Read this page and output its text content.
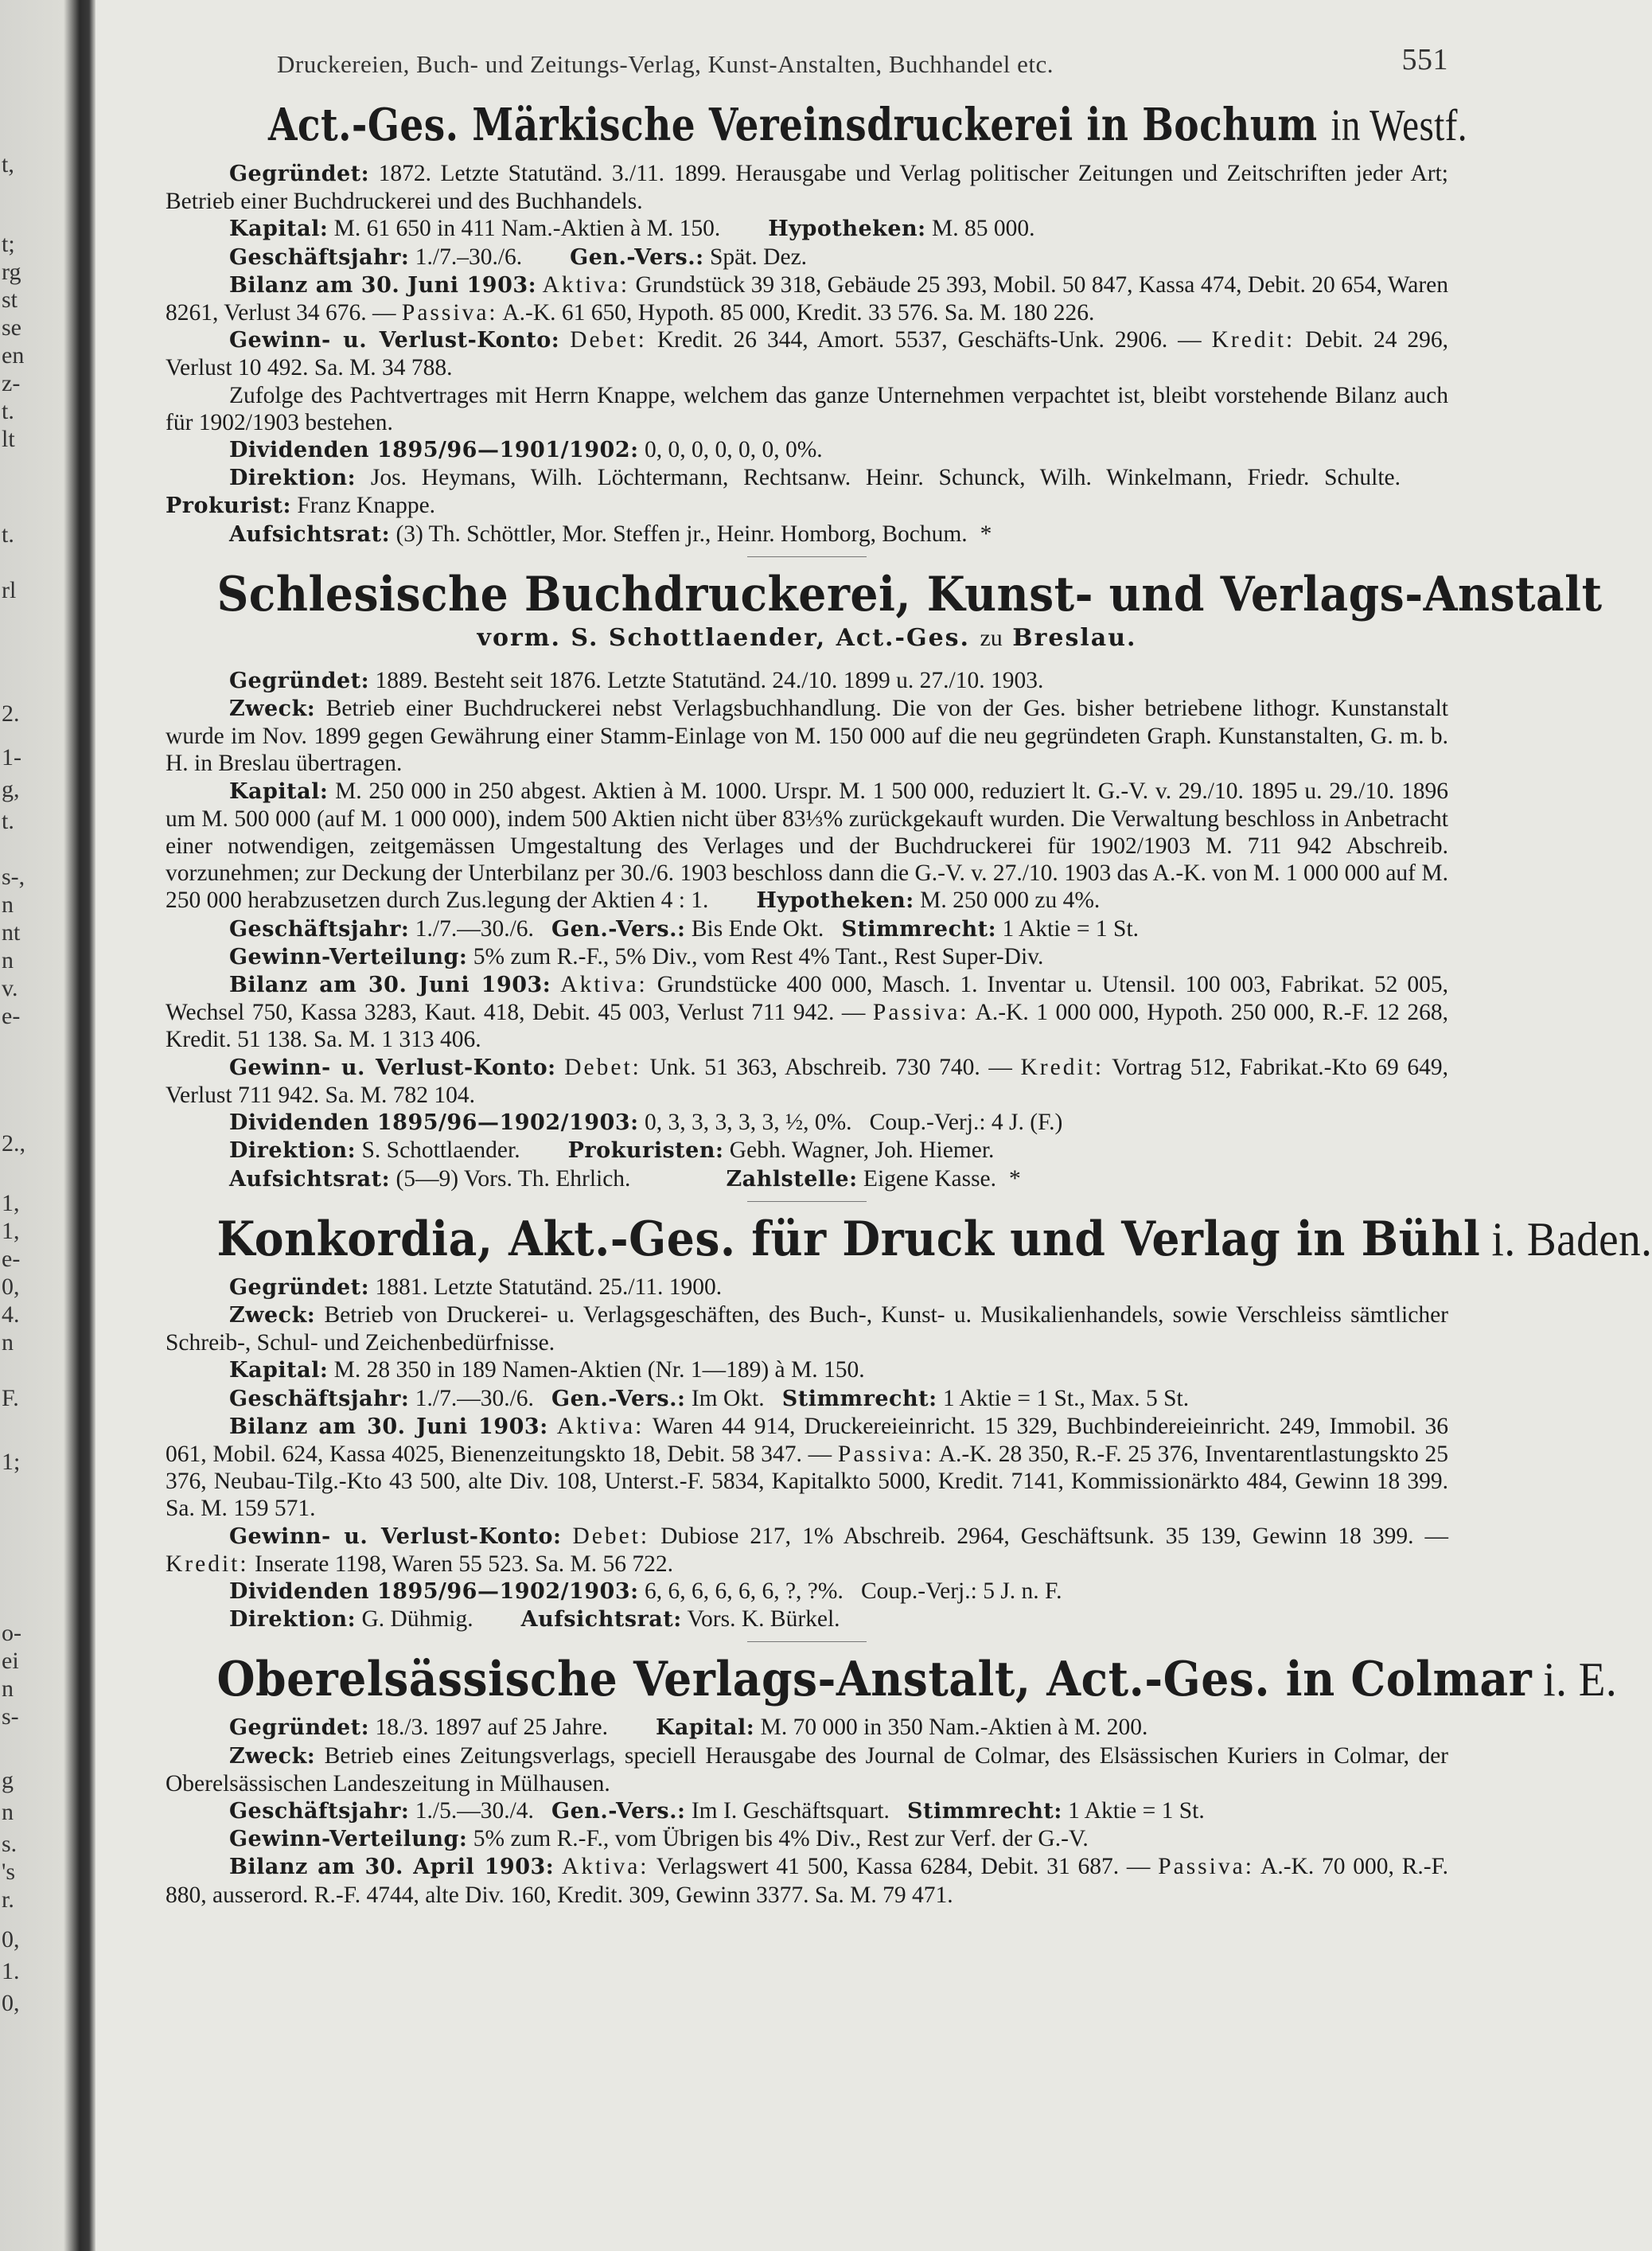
t,
t;
rg
st
se
en
z-
t.
lt
t.
rl
2.
1-
g,
t.
s-,
n
nt
n
v.
e-
2.,
1,
1,
e-
0,
4.
n
F.
1;
o-
ei
n
s-
g
n
s.
's
r.
0,
1.
0,
Druckereien, Buch- und Zeitungs-Verlag, Kunst-Anstalten, Buchhandel etc.	551
Act.-Ges. Märkische Vereinsdruckerei in Bochum in Westf.

Gegründet: 1872. Letzte Statutänd. 3./11. 1899. Herausgabe und Verlag politischer Zeitungen und Zeitschriften jeder Art; Betrieb einer Buchdruckerei und des Buchhandels.

Kapital: M. 61 650 in 411 Nam.-Aktien à M. 150. Hypotheken: M. 85 000.

Geschäftsjahr: 1./7.–30./6. Gen.-Vers.: Spät. Dez.

Bilanz am 30. Juni 1903: Aktiva: Grundstück 39 318, Gebäude 25 393, Mobil. 50 847, Kassa 474, Debit. 20 654, Waren 8261, Verlust 34 676. — Passiva: A.-K. 61 650, Hypoth. 85 000, Kredit. 33 576. Sa. M. 180 226.

Gewinn- u. Verlust-Konto: Debet: Kredit. 26 344, Amort. 5537, Geschäfts-Unk. 2906. — Kredit: Debit. 24 296, Verlust 10 492. Sa. M. 34 788.

Zufolge des Pachtvertrages mit Herrn Knappe, welchem das ganze Unternehmen verpachtet ist, bleibt vorstehende Bilanz auch für 1902/1903 bestehen.

Dividenden 1895/96—1901/1902: 0, 0, 0, 0, 0, 0, 0%.

Direktion: Jos. Heymans, Wilh. Löchtermann, Rechtsanw. Heinr. Schunck, Wilh. Winkelmann, Friedr. Schulte.Prokurist: Franz Knappe.

Aufsichtsrat: (3) Th. Schöttler, Mor. Steffen jr., Heinr. Homborg, Bochum. *

Schlesische Buchdruckerei, Kunst- und Verlags-Anstalt
vorm. S. Schottlaender, Act.-Ges. zu Breslau.

Gegründet: 1889. Besteht seit 1876. Letzte Statutänd. 24./10. 1899 u. 27./10. 1903.

Zweck: Betrieb einer Buchdruckerei nebst Verlagsbuchhandlung. Die von der Ges. bisher betriebene lithogr. Kunstanstalt wurde im Nov. 1899 gegen Gewährung einer Stamm-Einlage von M. 150 000 auf die neu gegründeten Graph. Kunstanstalten, G. m. b. H. in Breslau übertragen.

Kapital: M. 250 000 in 250 abgest. Aktien à M. 1000. Urspr. M. 1 500 000, reduziert lt. G.-V. v. 29./10. 1895 u. 29./10. 1896 um M. 500 000 (auf M. 1 000 000), indem 500 Aktien nicht über 83⅓% zurückgekauft wurden. Die Verwaltung beschloss in Anbetracht einer notwendigen, zeitgemässen Umgestaltung des Verlages und der Buchdruckerei für 1902/1903 M. 711 942 Abschreib. vorzunehmen; zur Deckung der Unterbilanz per 30./6. 1903 beschloss dann die G.-V. v. 27./10. 1903 das A.-K. von M. 1 000 000 auf M. 250 000 herabzusetzen durch Zus.legung der Aktien 4 : 1. Hypotheken: M. 250 000 zu 4%.

Geschäftsjahr: 1./7.—30./6. Gen.-Vers.: Bis Ende Okt. Stimmrecht: 1 Aktie = 1 St.

Gewinn-Verteilung: 5% zum R.-F., 5% Div., vom Rest 4% Tant., Rest Super-Div.

Bilanz am 30. Juni 1903: Aktiva: Grundstücke 400 000, Masch. 1. Inventar u. Utensil. 100 003, Fabrikat. 52 005, Wechsel 750, Kassa 3283, Kaut. 418, Debit. 45 003, Verlust 711 942. — Passiva: A.-K. 1 000 000, Hypoth. 250 000, R.-F. 12 268, Kredit. 51 138. Sa. M. 1 313 406.

Gewinn- u. Verlust-Konto: Debet: Unk. 51 363, Abschreib. 730 740. — Kredit: Vortrag 512, Fabrikat.-Kto 69 649, Verlust 711 942. Sa. M. 782 104.

Dividenden 1895/96—1902/1903: 0, 3, 3, 3, 3, 3, ½, 0%. Coup.-Verj.: 4 J. (F.)

Direktion: S. Schottlaender. Prokuristen: Gebh. Wagner, Joh. Hiemer.

Aufsichtsrat: (5—9) Vors. Th. Ehrlich.	Zahlstelle: Eigene Kasse. *

Konkordia, Akt.-Ges. für Druck und Verlag in Bühl i. Baden.

Gegründet: 1881. Letzte Statutänd. 25./11. 1900.

Zweck: Betrieb von Druckerei- u. Verlagsgeschäften, des Buch-, Kunst- u. Musikalienhandels, sowie Verschleiss sämtlicher Schreib-, Schul- und Zeichenbedürfnisse.

Kapital: M. 28 350 in 189 Namen-Aktien (Nr. 1—189) à M. 150.

Geschäftsjahr: 1./7.—30./6. Gen.-Vers.: Im Okt. Stimmrecht: 1 Aktie = 1 St., Max. 5 St.

Bilanz am 30. Juni 1903: Aktiva: Waren 44 914, Druckereieinricht. 15 329, Buchbindereieinricht. 249, Immobil. 36 061, Mobil. 624, Kassa 4025, Bienenzeitungskto 18, Debit. 58 347. — Passiva: A.-K. 28 350, R.-F. 25 376, Inventarentlastungskto 25 376, Neubau-Tilg.-Kto 43 500, alte Div. 108, Unterst.-F. 5834, Kapitalkto 5000, Kredit. 7141, Kommissionärkto 484, Gewinn 18 399. Sa. M. 159 571.

Gewinn- u. Verlust-Konto: Debet: Dubiose 217, 1% Abschreib. 2964, Geschäftsunk. 35 139, Gewinn 18 399. — Kredit: Inserate 1198, Waren 55 523. Sa. M. 56 722.

Dividenden 1895/96—1902/1903: 6, 6, 6, 6, 6, 6, ?, ?%. Coup.-Verj.: 5 J. n. F.

Direktion: G. Dühmig. Aufsichtsrat: Vors. K. Bürkel.

Oberelsässische Verlags-Anstalt, Act.-Ges. in Colmar i. E.

Gegründet: 18./3. 1897 auf 25 Jahre. Kapital: M. 70 000 in 350 Nam.-Aktien à M. 200.

Zweck: Betrieb eines Zeitungsverlags, speciell Herausgabe des Journal de Colmar, des Elsässischen Kuriers in Colmar, der Oberelsässischen Landeszeitung in Mülhausen.

Geschäftsjahr: 1./5.—30./4. Gen.-Vers.: Im I. Geschäftsquart. Stimmrecht: 1 Aktie = 1 St.

Gewinn-Verteilung: 5% zum R.-F., vom Übrigen bis 4% Div., Rest zur Verf. der G.-V.

Bilanz am 30. April 1903: Aktiva: Verlagswert 41 500, Kassa 6284, Debit. 31 687. — Passiva: A.-K. 70 000, R.-F. 880, ausserord. R.-F. 4744, alte Div. 160, Kredit. 309, Gewinn 3377. Sa. M. 79 471.
